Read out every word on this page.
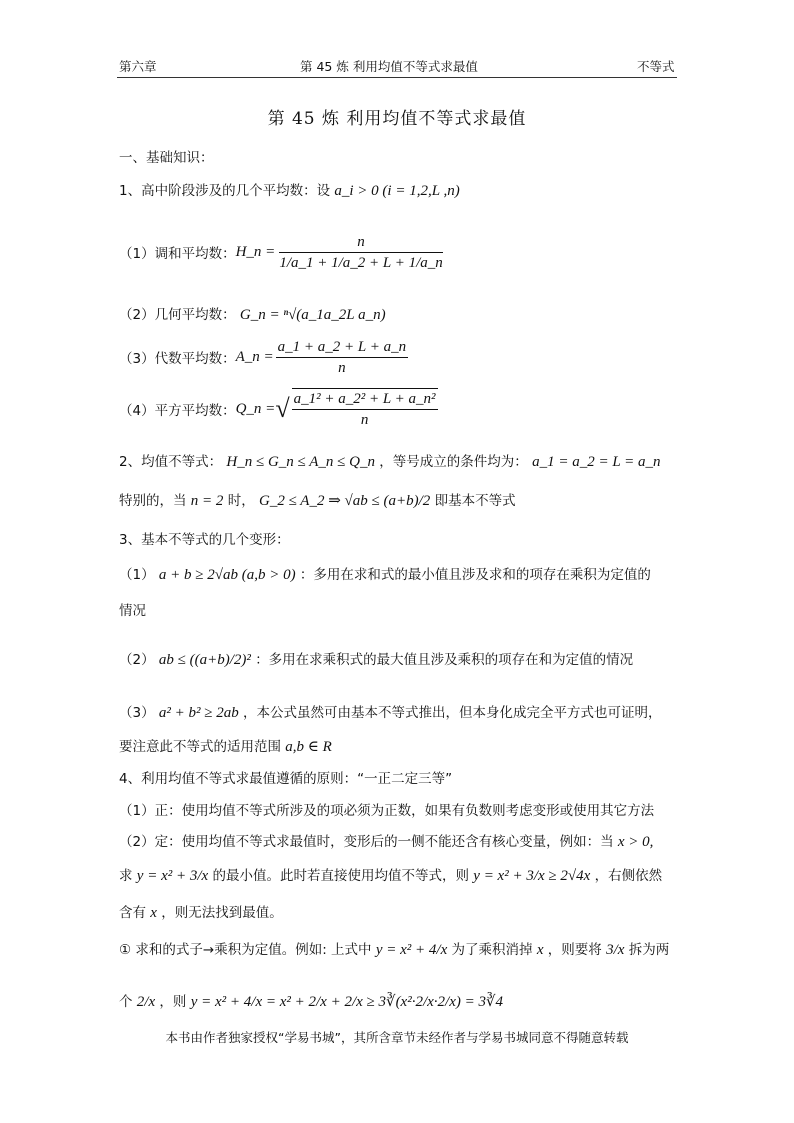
第六章	第 45 炼 利用均值不等式求最值	不等式
第 45 炼 利用均值不等式求最值
一、基础知识：
1、高中阶段涉及的几个平均数：设 a_i > 0 (i = 1,2,L ,n)
（1）调和平均数： H_n = $\frac{n}{1/a\_1 + 1/a\_2 + L + 1/a\_n}$
（2）几何平均数： G_n = ⁿ√(a_1a_2L a_n)
（3）代数平均数： A_n = $\frac{a\_1 + a\_2 + L + a\_n}{n}$
（4）平方平均数： Q_n = √ $\frac{\text{a\_1² + a\_2² + L + a\_n²}}{n}$
2、均值不等式： H_n ≤ G_n ≤ A_n ≤ Q_n ，等号成立的条件均为： a_1 = a_2 = L = a_n
特别的，当 n = 2 时， G_2 ≤ A_2 ⇒ √ab ≤ (a+b)/2 即基本不等式
3、基本不等式的几个变形：
（1） a + b ≥ 2√ab (a,b > 0) ：多用在求和式的最小值且涉及求和的项存在乘积为定值的
情况
（2） ab ≤ ((a+b)/2)² ：多用在求乘积式的最大值且涉及乘积的项存在和为定值的情况
（3） a² + b² ≥ 2ab ，本公式虽然可由基本不等式推出，但本身化成完全平方式也可证明，
要注意此不等式的适用范围 a,b ∈ R
4、利用均值不等式求最值遵循的原则：“一正二定三等”
（1）正：使用均值不等式所涉及的项必须为正数，如果有负数则考虑变形或使用其它方法
（2）定：使用均值不等式求最值时，变形后的一侧不能还含有核心变量，例如：当 x > 0,
求 y = x² + 3/x 的最小值。此时若直接使用均值不等式，则 y = x² + 3/x ≥ 2√4x ，右侧依然
含有 x ，则无法找到最值。
① 求和的式子→乘积为定值。例如: 上式中 y = x² + 4/x 为了乘积消掉 x ，则要将 3/x 拆为两
个 2/x ，则 y = x² + 4/x = x² + 2/x + 2/x ≥ 3∛(x²·2/x·2/x) = 3∛4
本书由作者独家授权“学易书城”，其所含章节未经作者与学易书城同意不得随意转载
